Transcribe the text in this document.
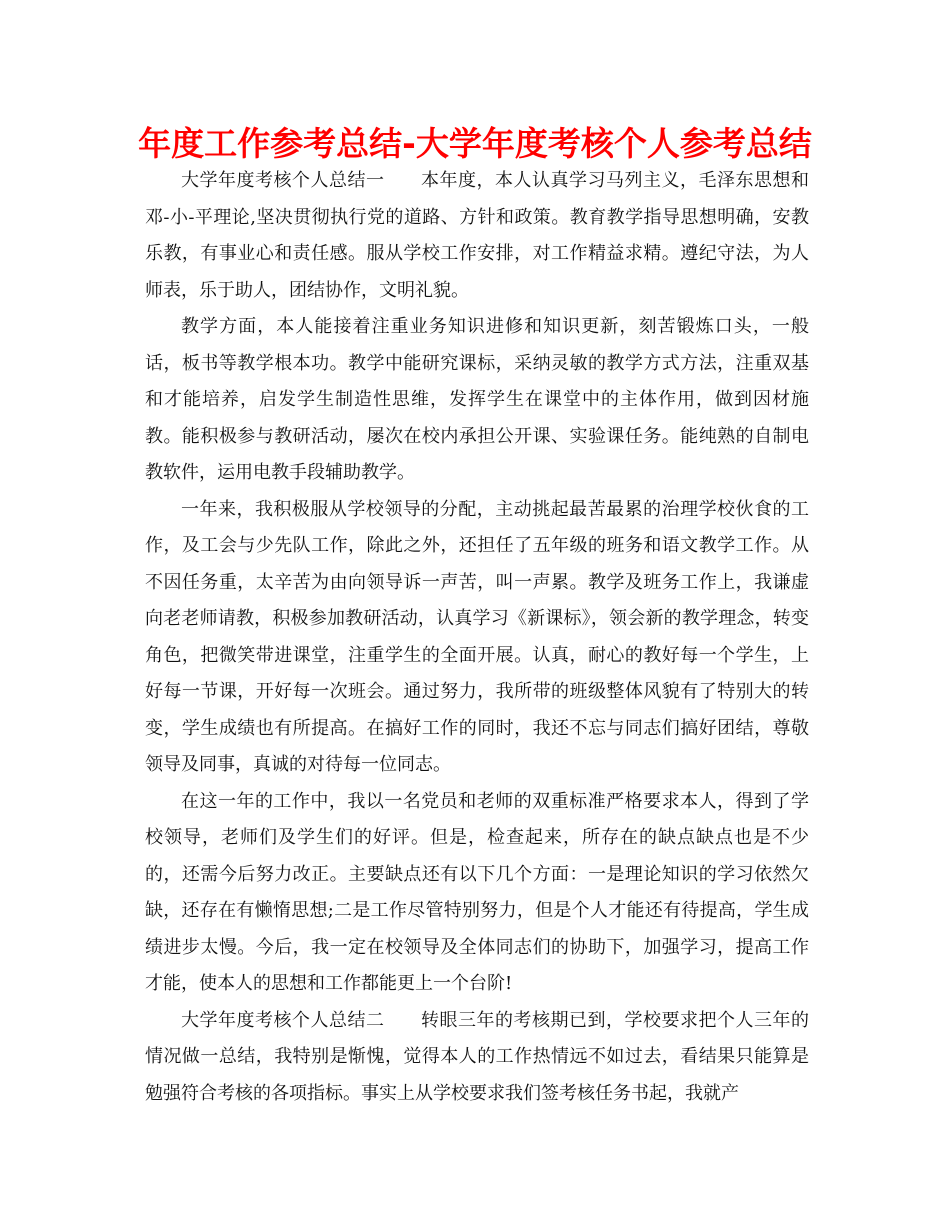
年度工作参考总结-大学年度考核个人参考总结

大学年度考核个人总结一 本年度，本人认真学习马列主义，毛泽东思想和邓-小-平理论,坚决贯彻执行党的道路、方针和政策。教育教学指导思想明确，安教乐教，有事业心和责任感。服从学校工作安排，对工作精益求精。遵纪守法，为人师表，乐于助人，团结协作，文明礼貌。

教学方面，本人能接着注重业务知识进修和知识更新，刻苦锻炼口头，一般话，板书等教学根本功。教学中能研究课标，采纳灵敏的教学方式方法，注重双基和才能培养，启发学生制造性思维，发挥学生在课堂中的主体作用，做到因材施教。能积极参与教研活动，屡次在校内承担公开课、实验课任务。能纯熟的自制电教软件，运用电教手段辅助教学。

一年来，我积极服从学校领导的分配，主动挑起最苦最累的治理学校伙食的工作，及工会与少先队工作，除此之外，还担任了五年级的班务和语文教学工作。从不因任务重，太辛苦为由向领导诉一声苦，叫一声累。教学及班务工作上，我谦虚向老老师请教，积极参加教研活动，认真学习《新课标》，领会新的教学理念，转变角色，把微笑带进课堂，注重学生的全面开展。认真，耐心的教好每一个学生，上好每一节课，开好每一次班会。通过努力，我所带的班级整体风貌有了特别大的转变，学生成绩也有所提高。在搞好工作的同时，我还不忘与同志们搞好团结，尊敬领导及同事，真诚的对待每一位同志。

在这一年的工作中，我以一名党员和老师的双重标准严格要求本人，得到了学校领导，老师们及学生们的好评。但是，检查起来，所存在的缺点缺点也是不少的，还需今后努力改正。主要缺点还有以下几个方面：一是理论知识的学习依然欠缺，还存在有懒惰思想;二是工作尽管特别努力，但是个人才能还有待提高，学生成绩进步太慢。今后，我一定在校领导及全体同志们的协助下，加强学习，提高工作才能，使本人的思想和工作都能更上一个台阶!

大学年度考核个人总结二 转眼三年的考核期已到，学校要求把个人三年的情况做一总结，我特别是惭愧，觉得本人的工作热情远不如过去，看结果只能算是勉强符合考核的各项指标。事实上从学校要求我们签考核任务书起，我就产
